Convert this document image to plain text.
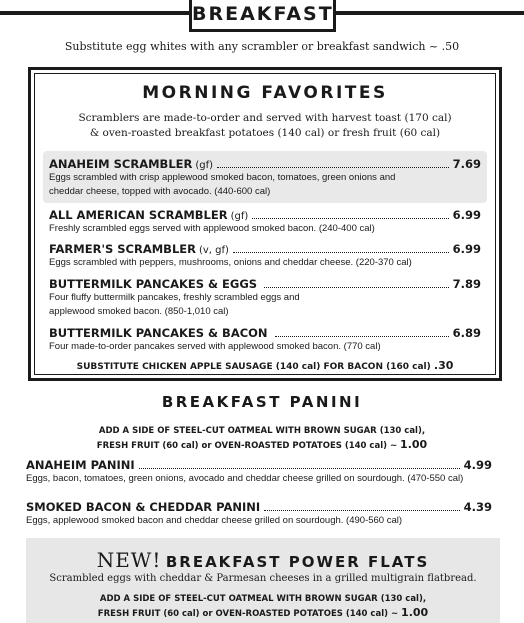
BREAKFAST
Substitute egg whites with any scrambler or breakfast sandwich ~ .50
MORNING FAVORITES
Scramblers are made-to-order and served with harvest toast (170 cal)
& oven-roasted breakfast potatoes (140 cal) or fresh fruit (60 cal)
ANAHEIM SCRAMBLER (gf)	7.69
Eggs scrambled with crisp applewood smoked bacon, tomatoes, green onions and
cheddar cheese, topped with avocado. (440-600 cal)
ALL AMERICAN SCRAMBLER (gf)	6.99
Freshly scrambled eggs served with applewood smoked bacon. (240-400 cal)
FARMER'S SCRAMBLER (v, gf)	6.99
Eggs scrambled with peppers, mushrooms, onions and cheddar cheese. (220-370 cal)
BUTTERMILK PANCAKES & EGGS	7.89
Four fluffy buttermilk pancakes, freshly scrambled eggs and
applewood smoked bacon. (850-1,010 cal)
BUTTERMILK PANCAKES & BACON	6.89
Four made-to-order pancakes served with applewood smoked bacon. (770 cal)
SUBSTITUTE CHICKEN APPLE SAUSAGE (140 cal) FOR BACON (160 cal) .30
BREAKFAST PANINI
ADD A SIDE OF STEEL-CUT OATMEAL WITH BROWN SUGAR (130 cal),
FRESH FRUIT (60 cal) or OVEN-ROASTED POTATOES (140 cal) ~ 1.00
ANAHEIM PANINI	4.99
Eggs, bacon, tomatoes, green onions, avocado and cheddar cheese grilled on sourdough. (470-550 cal)
SMOKED BACON & CHEDDAR PANINI	4.39
Eggs, applewood smoked bacon and cheddar cheese grilled on sourdough. (490-560 cal)
NEW! BREAKFAST POWER FLATS
Scrambled eggs with cheddar & Parmesan cheeses in a grilled multigrain flatbread.
ADD A SIDE OF STEEL-CUT OATMEAL WITH BROWN SUGAR (130 cal),
FRESH FRUIT (60 cal) or OVEN-ROASTED POTATOES (140 cal) ~ 1.00
